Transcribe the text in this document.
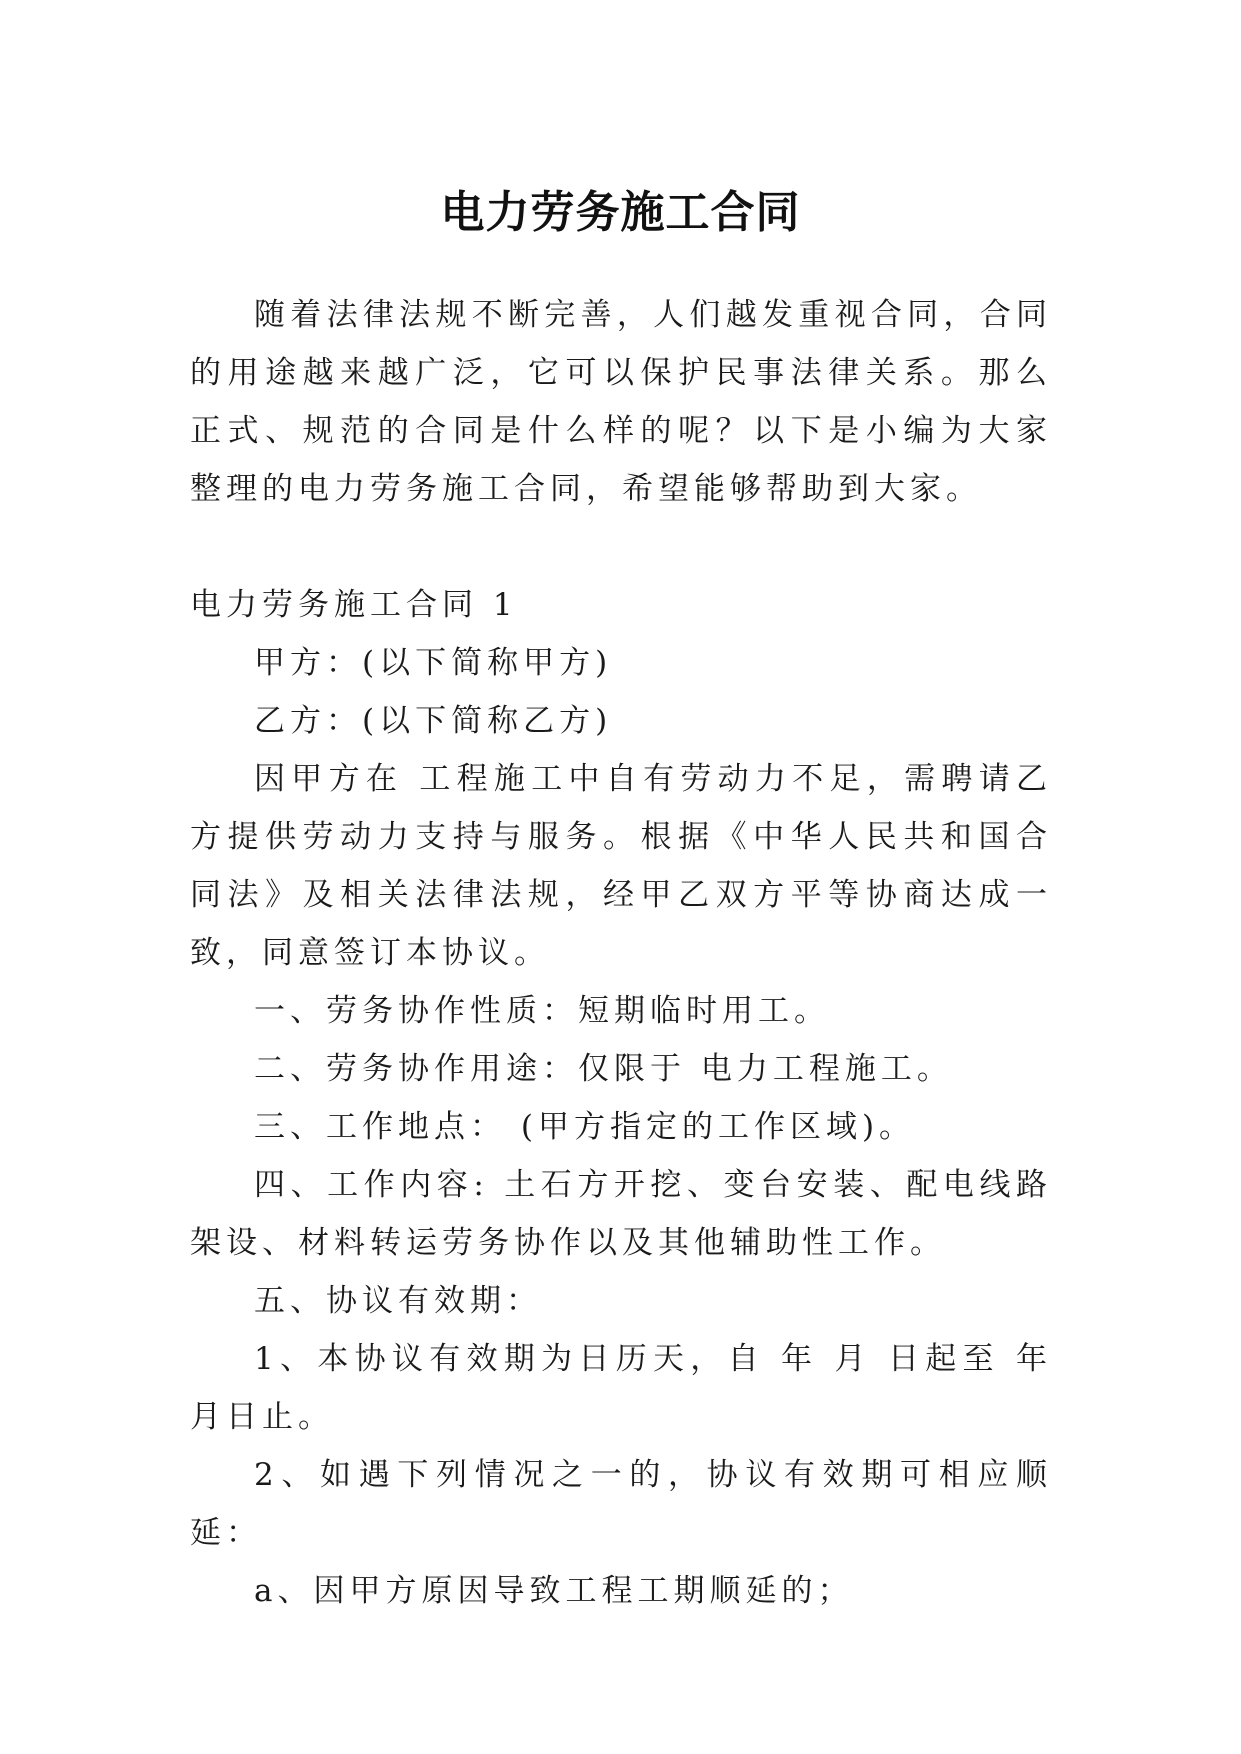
电力劳务施工合同

随着法律法规不断完善，人们越发重视合同，合同的用途越来越广泛，它可以保护民事法律关系。那么正式、规范的合同是什么样的呢？以下是小编为大家整理的电力劳务施工合同，希望能够帮助到大家。

电力劳务施工合同 1

甲方：(以下简称甲方)

乙方：(以下简称乙方)

因甲方在 工程施工中自有劳动力不足，需聘请乙方提供劳动力支持与服务。根据《中华人民共和国合同法》及相关法律法规，经甲乙双方平等协商达成一致，同意签订本协议。

一、劳务协作性质：短期临时用工。

二、劳务协作用途：仅限于 电力工程施工。

三、工作地点： (甲方指定的工作区域)。

四、工作内容: 土石方开挖、变台安装、配电线路架设、材料转运劳务协作以及其他辅助性工作。

五、协议有效期：

1、本协议有效期为日历天，自 年 月 日起至 年 月日止。

2、如遇下列情况之一的，协议有效期可相应顺延：

a、因甲方原因导致工程工期顺延的；
